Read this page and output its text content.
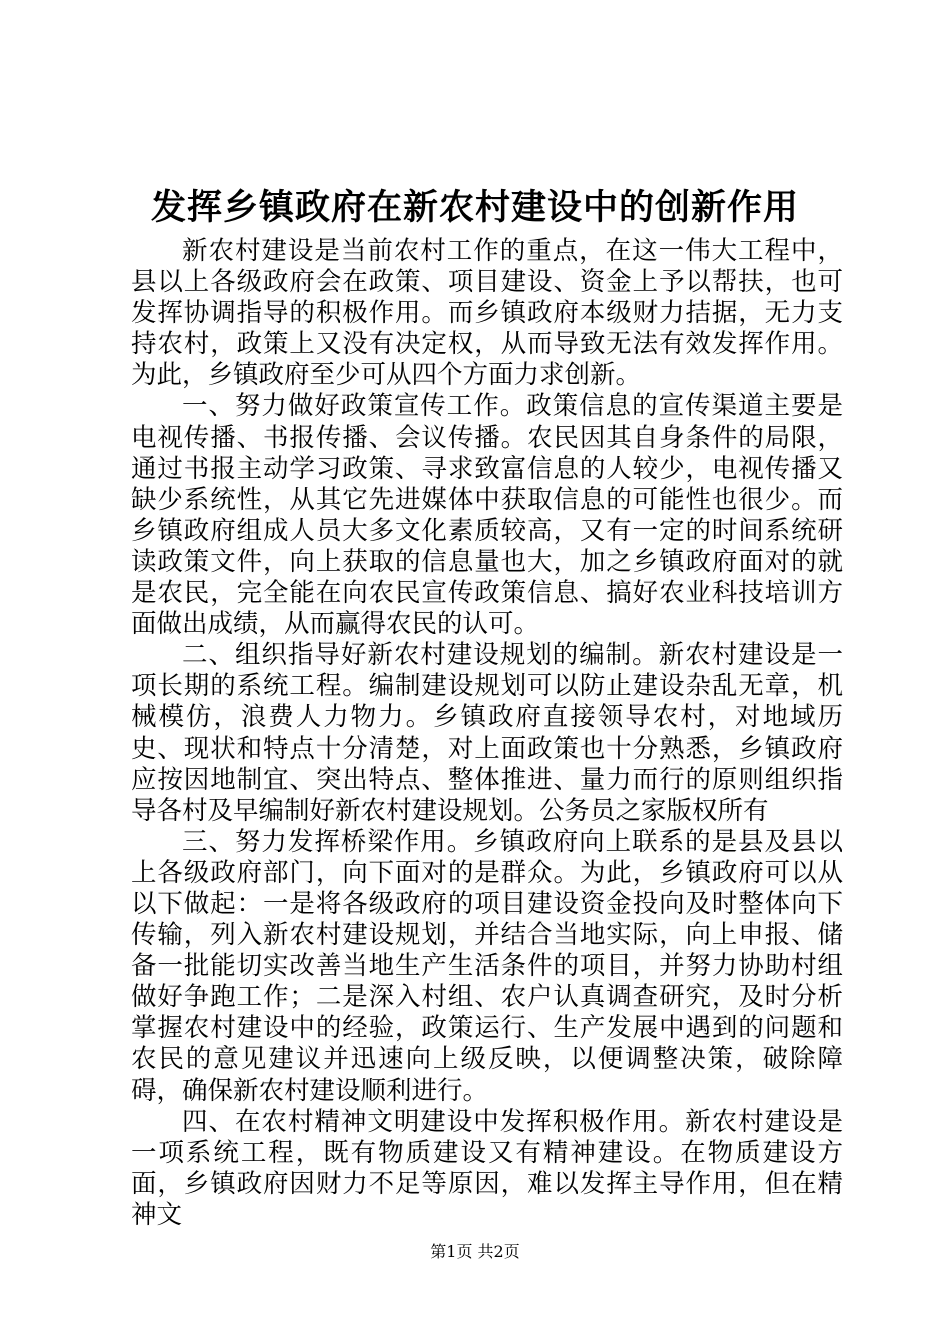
发挥乡镇政府在新农村建设中的创新作用

新农村建设是当前农村工作的重点，在这一伟大工程中，县以上各级政府会在政策、项目建设、资金上予以帮扶，也可发挥协调指导的积极作用。而乡镇政府本级财力拮据，无力支持农村，政策上又没有决定权，从而导致无法有效发挥作用。为此，乡镇政府至少可从四个方面力求创新。

一、努力做好政策宣传工作。政策信息的宣传渠道主要是电视传播、书报传播、会议传播。农民因其自身条件的局限，通过书报主动学习政策、寻求致富信息的人较少，电视传播又缺少系统性，从其它先进媒体中获取信息的可能性也很少。而乡镇政府组成人员大多文化素质较高，又有一定的时间系统研读政策文件，向上获取的信息量也大，加之乡镇政府面对的就是农民，完全能在向农民宣传政策信息、搞好农业科技培训方面做出成绩，从而赢得农民的认可。

二、组织指导好新农村建设规划的编制。新农村建设是一项长期的系统工程。编制建设规划可以防止建设杂乱无章，机械模仿，浪费人力物力。乡镇政府直接领导农村，对地域历史、现状和特点十分清楚，对上面政策也十分熟悉，乡镇政府应按因地制宜、突出特点、整体推进、量力而行的原则组织指导各村及早编制好新农村建设规划。公务员之家版权所有

三、努力发挥桥梁作用。乡镇政府向上联系的是县及县以上各级政府部门，向下面对的是群众。为此，乡镇政府可以从以下做起：一是将各级政府的项目建设资金投向及时整体向下传输，列入新农村建设规划，并结合当地实际，向上申报、储备一批能切实改善当地生产生活条件的项目，并努力协助村组做好争跑工作；二是深入村组、农户认真调查研究，及时分析掌握农村建设中的经验，政策运行、生产发展中遇到的问题和农民的意见建议并迅速向上级反映，以便调整决策，破除障碍，确保新农村建设顺利进行。

四、在农村精神文明建设中发挥积极作用。新农村建设是一项系统工程，既有物质建设又有精神建设。在物质建设方面，乡镇政府因财力不足等原因，难以发挥主导作用，但在精神文

第1页 共2页
